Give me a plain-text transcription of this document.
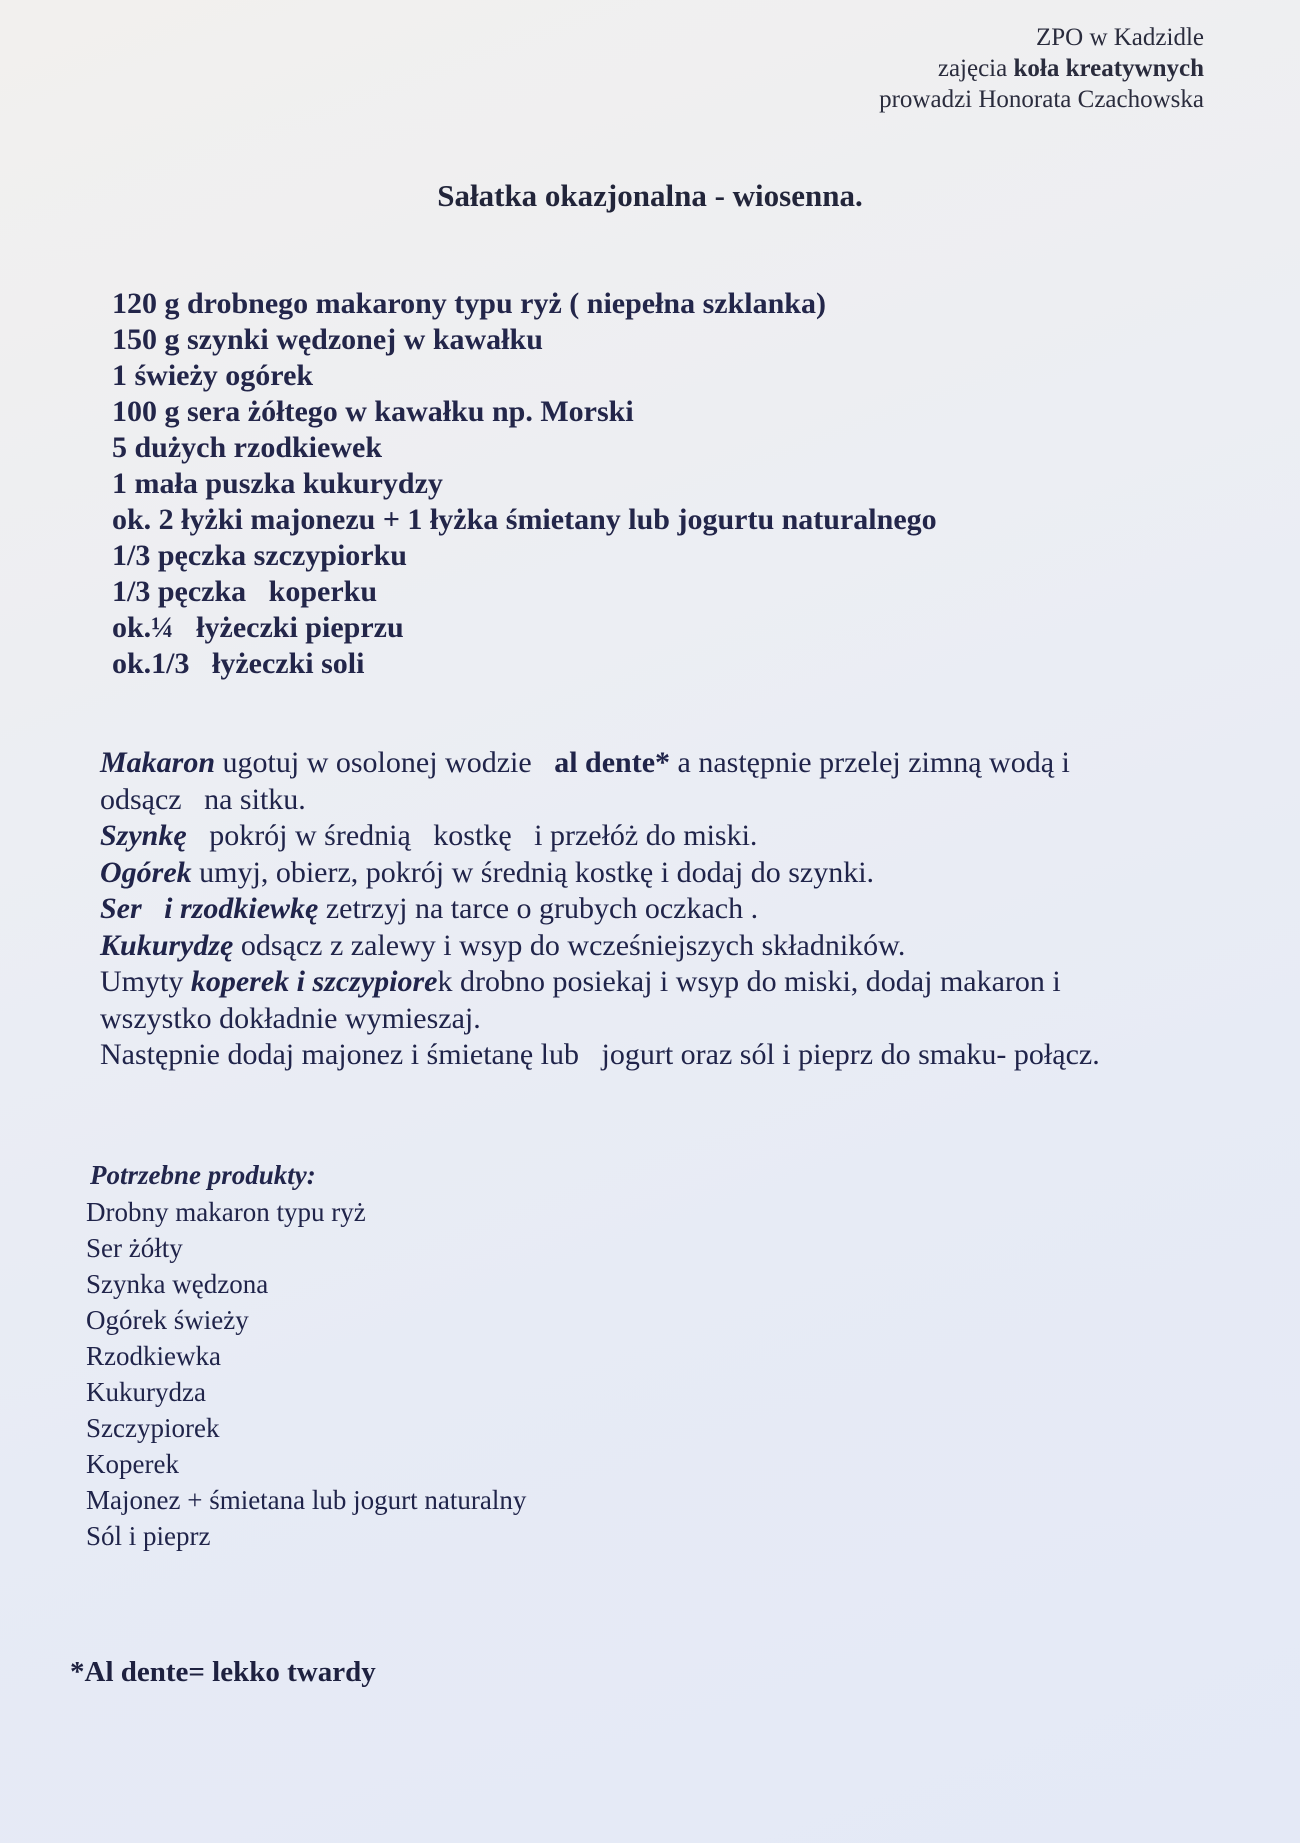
ZPO w Kadzidle
zajęcia koła kreatywnych
prowadzi Honorata Czachowska
Sałatka okazjonalna - wiosenna.
120 g drobnego makarony typu ryż ( niepełna szklanka)
150 g szynki wędzonej w kawałku
1 świeży ogórek
100 g sera żółtego w kawałku np. Morski
5 dużych rzodkiewek
1 mała puszka kukurydzy
ok. 2 łyżki majonezu + 1 łyżka śmietany lub jogurtu naturalnego
1/3 pęczka szczypiorku
1/3 pęczka   koperku
ok.¼   łyżeczki pieprzu
ok.1/3   łyżeczki soli
Makaron ugotuj w osolonej wodzie   al dente* a następnie przelej zimną wodą i
odsącz   na sitku.
Szynkę   pokrój w średnią   kostkę   i przełóż do miski.
Ogórek umyj, obierz, pokrój w średnią kostkę i dodaj do szynki.
Ser   i rzodkiewkę zetrzyj na tarce o grubych oczkach .
Kukurydzę odsącz z zalewy i wsyp do wcześniejszych składników.
Umyty koperek i szczypiorek drobno posiekaj i wsyp do miski, dodaj makaron i
wszystko dokładnie wymieszaj.
Następnie dodaj majonez i śmietanę lub   jogurt oraz sól i pieprz do smaku- połącz.
Potrzebne produkty:
Drobny makaron typu ryż
Ser żółty
Szynka wędzona
Ogórek świeży
Rzodkiewka
Kukurydza
Szczypiorek
Koperek
Majonez + śmietana lub jogurt naturalny
Sól i pieprz
*Al dente= lekko twardy
